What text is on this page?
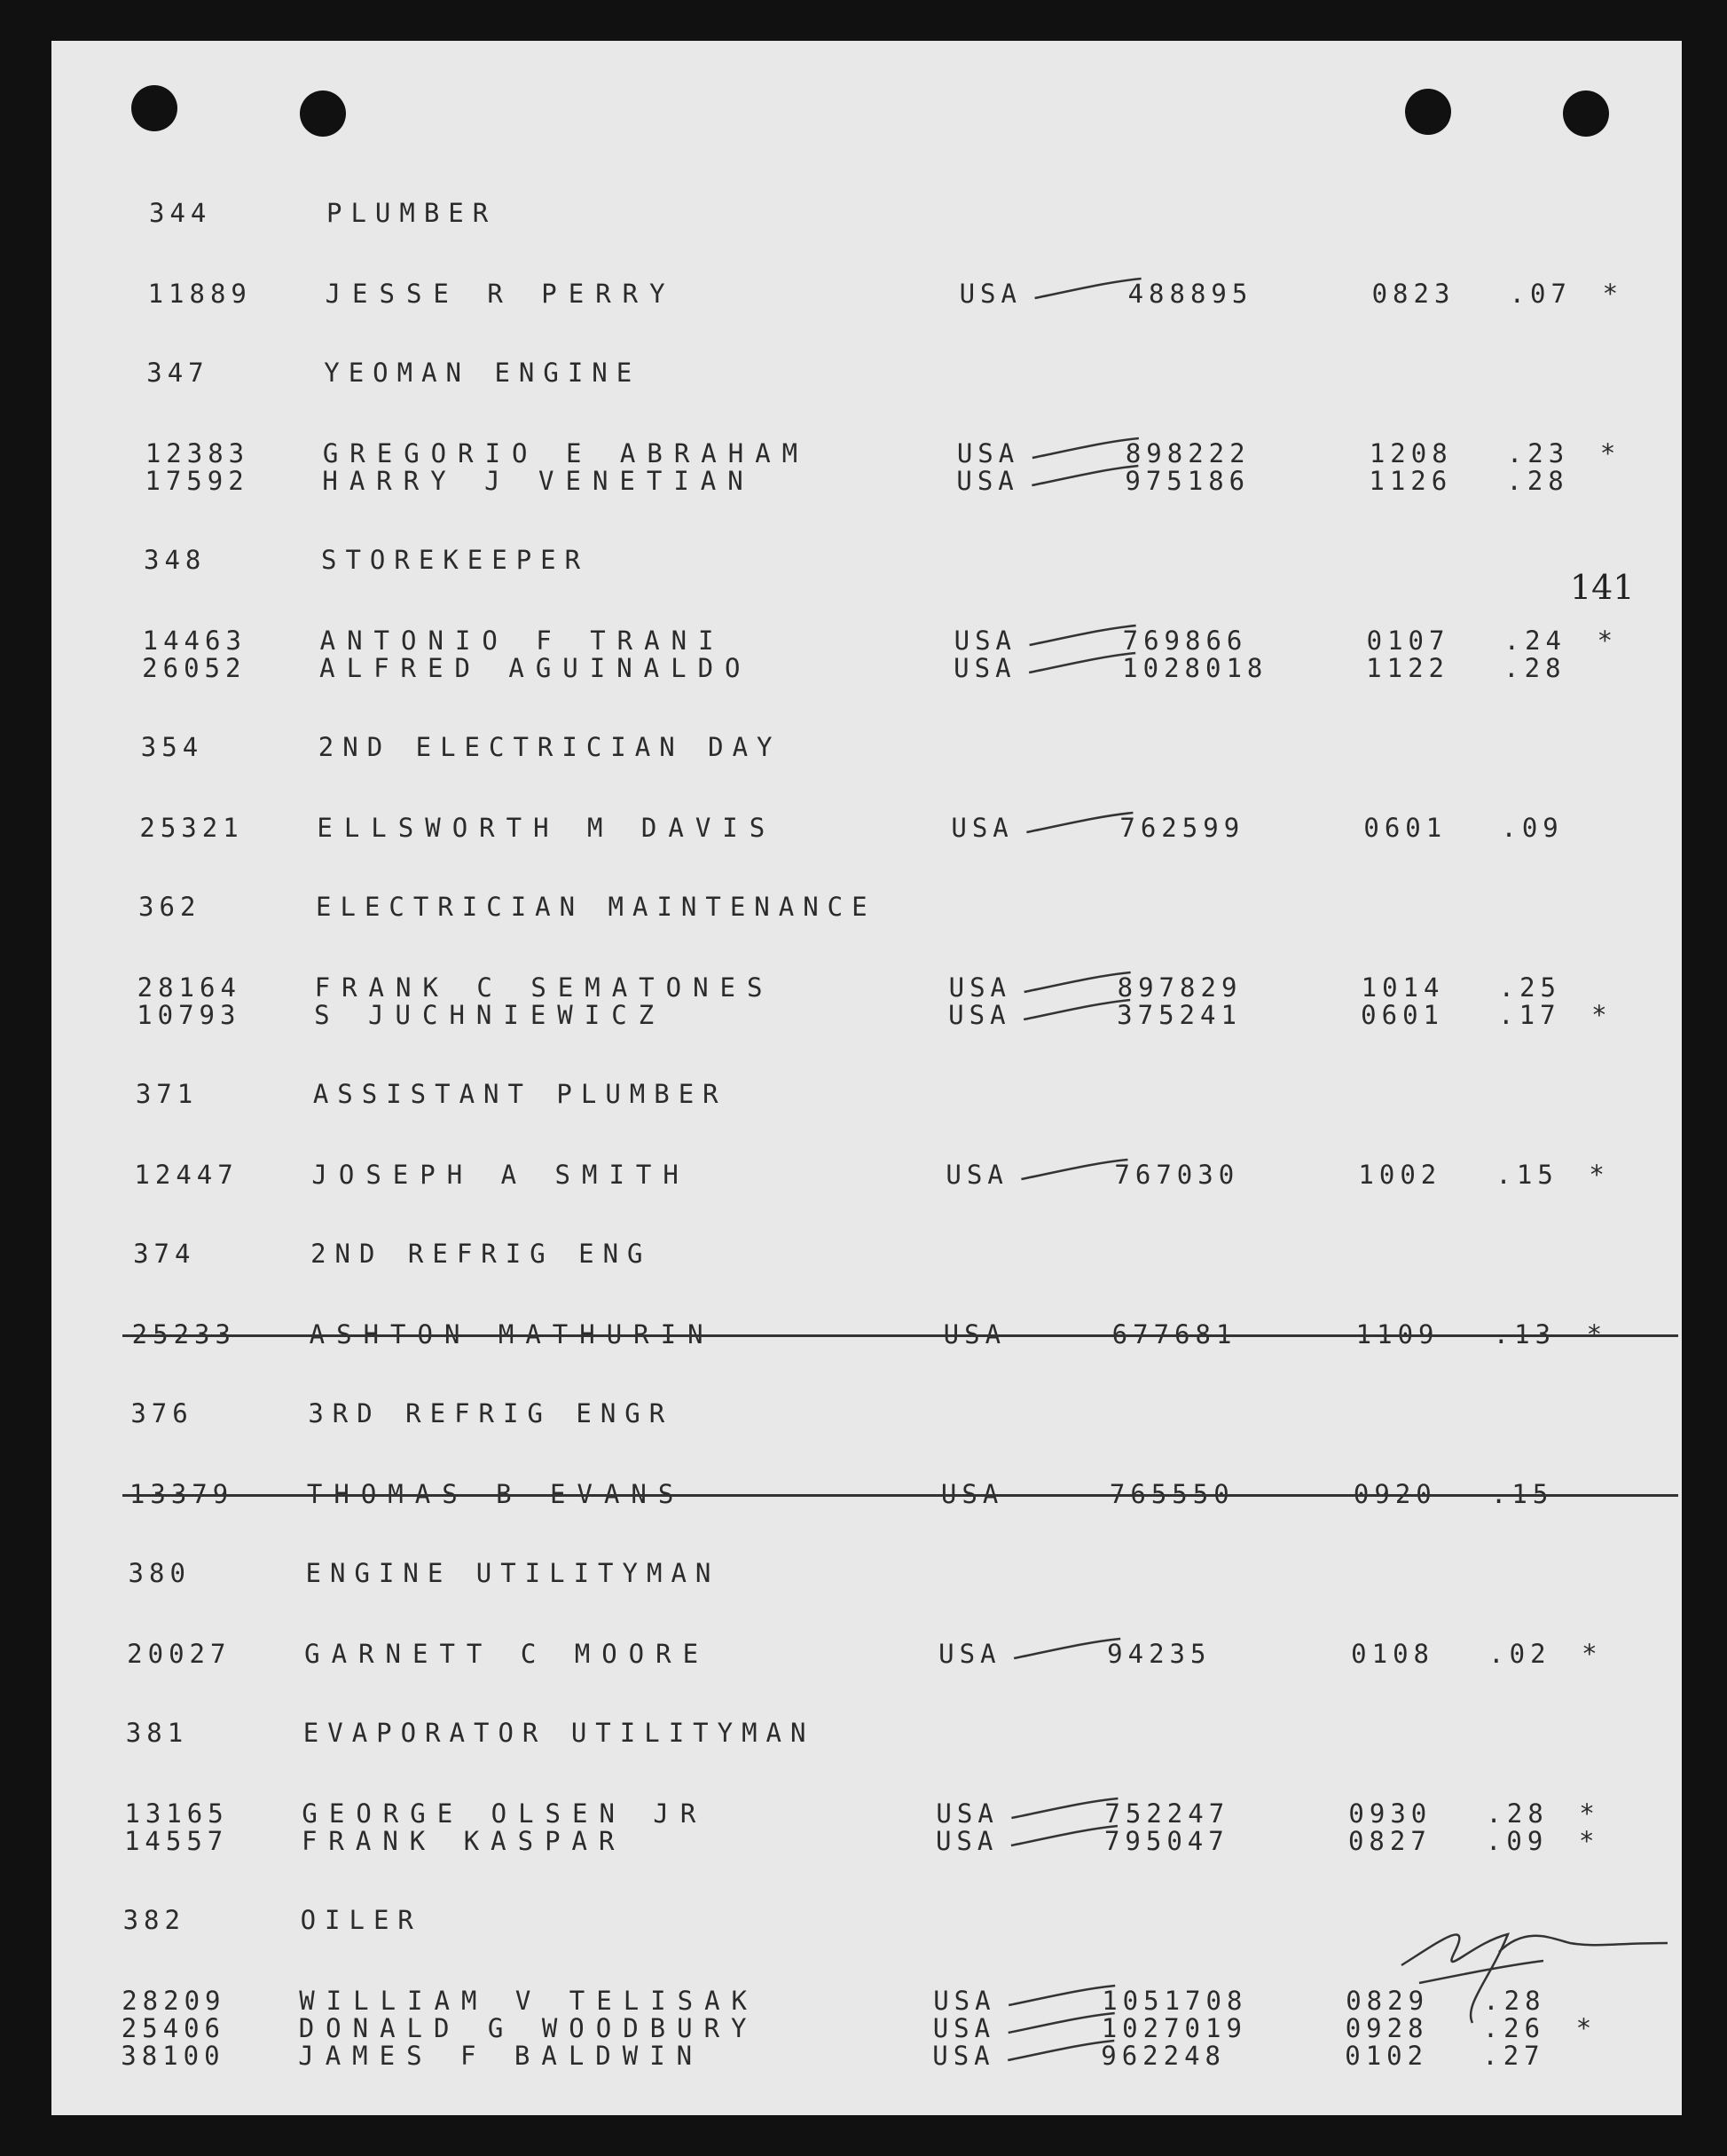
141
344	PLUMBER
11889	JESSE R PERRY	USA	488895	0823 .07 *
347	YEOMAN ENGINE
12383	GREGORIO E ABRAHAM	USA	898222	1208 .23 *
17592	HARRY J VENETIAN	USA	975186	1126 .28
348	STOREKEEPER
14463	ANTONIO F TRANI	USA	769866	0107 .24 *
26052	ALFRED AGUINALDO	USA	1028018	1122 .28
354	2ND ELECTRICIAN DAY
25321	ELLSWORTH M DAVIS	USA	762599	0601 .09
362	ELECTRICIAN MAINTENANCE
28164	FRANK C SEMATONES	USA	897829	1014 .25
10793	S JUCHNIEWICZ	USA	375241	0601 .17 *
371	ASSISTANT PLUMBER
12447	JOSEPH A SMITH	USA	767030	1002 .15 *
374	2ND REFRIG ENG
25233	ASHTON MATHURIN	USA	677681	1109 .13 *
376	3RD REFRIG ENGR
13379	THOMAS B EVANS	USA	765550	0920 .15
380	ENGINE UTILITYMAN
20027	GARNETT C MOORE	USA	94235	0108 .02 *
381	EVAPORATOR UTILITYMAN
13165	GEORGE OLSEN JR	USA	752247	0930 .28 *
14557	FRANK KASPAR	USA	795047	0827 .09 *
382	OILER
28209	WILLIAM V TELISAK	USA	1051708	0829 .28
25406	DONALD G WOODBURY	USA	1027019	0928 .26 *
38100	JAMES F BALDWIN	USA	962248	0102 .27
